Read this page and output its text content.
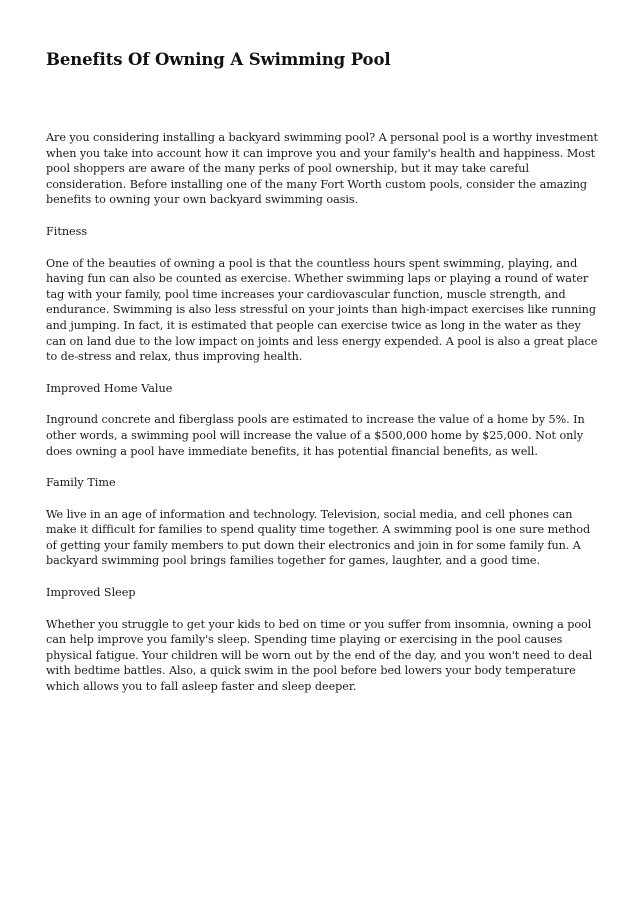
Benefits Of Owning A Swimming Pool

Are you considering installing a backyard swimming pool? A personal pool is a worthy investment when you take into account how it can improve you and your family's health and happiness. Most pool shoppers are aware of the many perks of pool ownership, but it may take careful consideration. Before installing one of the many Fort Worth custom pools, consider the amazing benefits to owning your own backyard swimming oasis.

Fitness

One of the beauties of owning a pool is that the countless hours spent swimming, playing, and having fun can also be counted as exercise. Whether swimming laps or playing a round of water tag with your family, pool time increases your cardiovascular function, muscle strength, and endurance. Swimming is also less stressful on your joints than high-impact exercises like running and jumping. In fact, it is estimated that people can exercise twice as long in the water as they can on land due to the low impact on joints and less energy expended. A pool is also a great place to de-stress and relax, thus improving health.

Improved Home Value

Inground concrete and fiberglass pools are estimated to increase the value of a home by 5%. In other words, a swimming pool will increase the value of a $500,000 home by $25,000. Not only does owning a pool have immediate benefits, it has potential financial benefits, as well.

Family Time

We live in an age of information and technology. Television, social media, and cell phones can make it difficult for families to spend quality time together. A swimming pool is one sure method of getting your family members to put down their electronics and join in for some family fun. A backyard swimming pool brings families together for games, laughter, and a good time.

Improved Sleep

Whether you struggle to get your kids to bed on time or you suffer from insomnia, owning a pool can help improve you family's sleep. Spending time playing or exercising in the pool causes physical fatigue. Your children will be worn out by the end of the day, and you won't need to deal with bedtime battles. Also, a quick swim in the pool before bed lowers your body temperature which allows you to fall asleep faster and sleep deeper.
